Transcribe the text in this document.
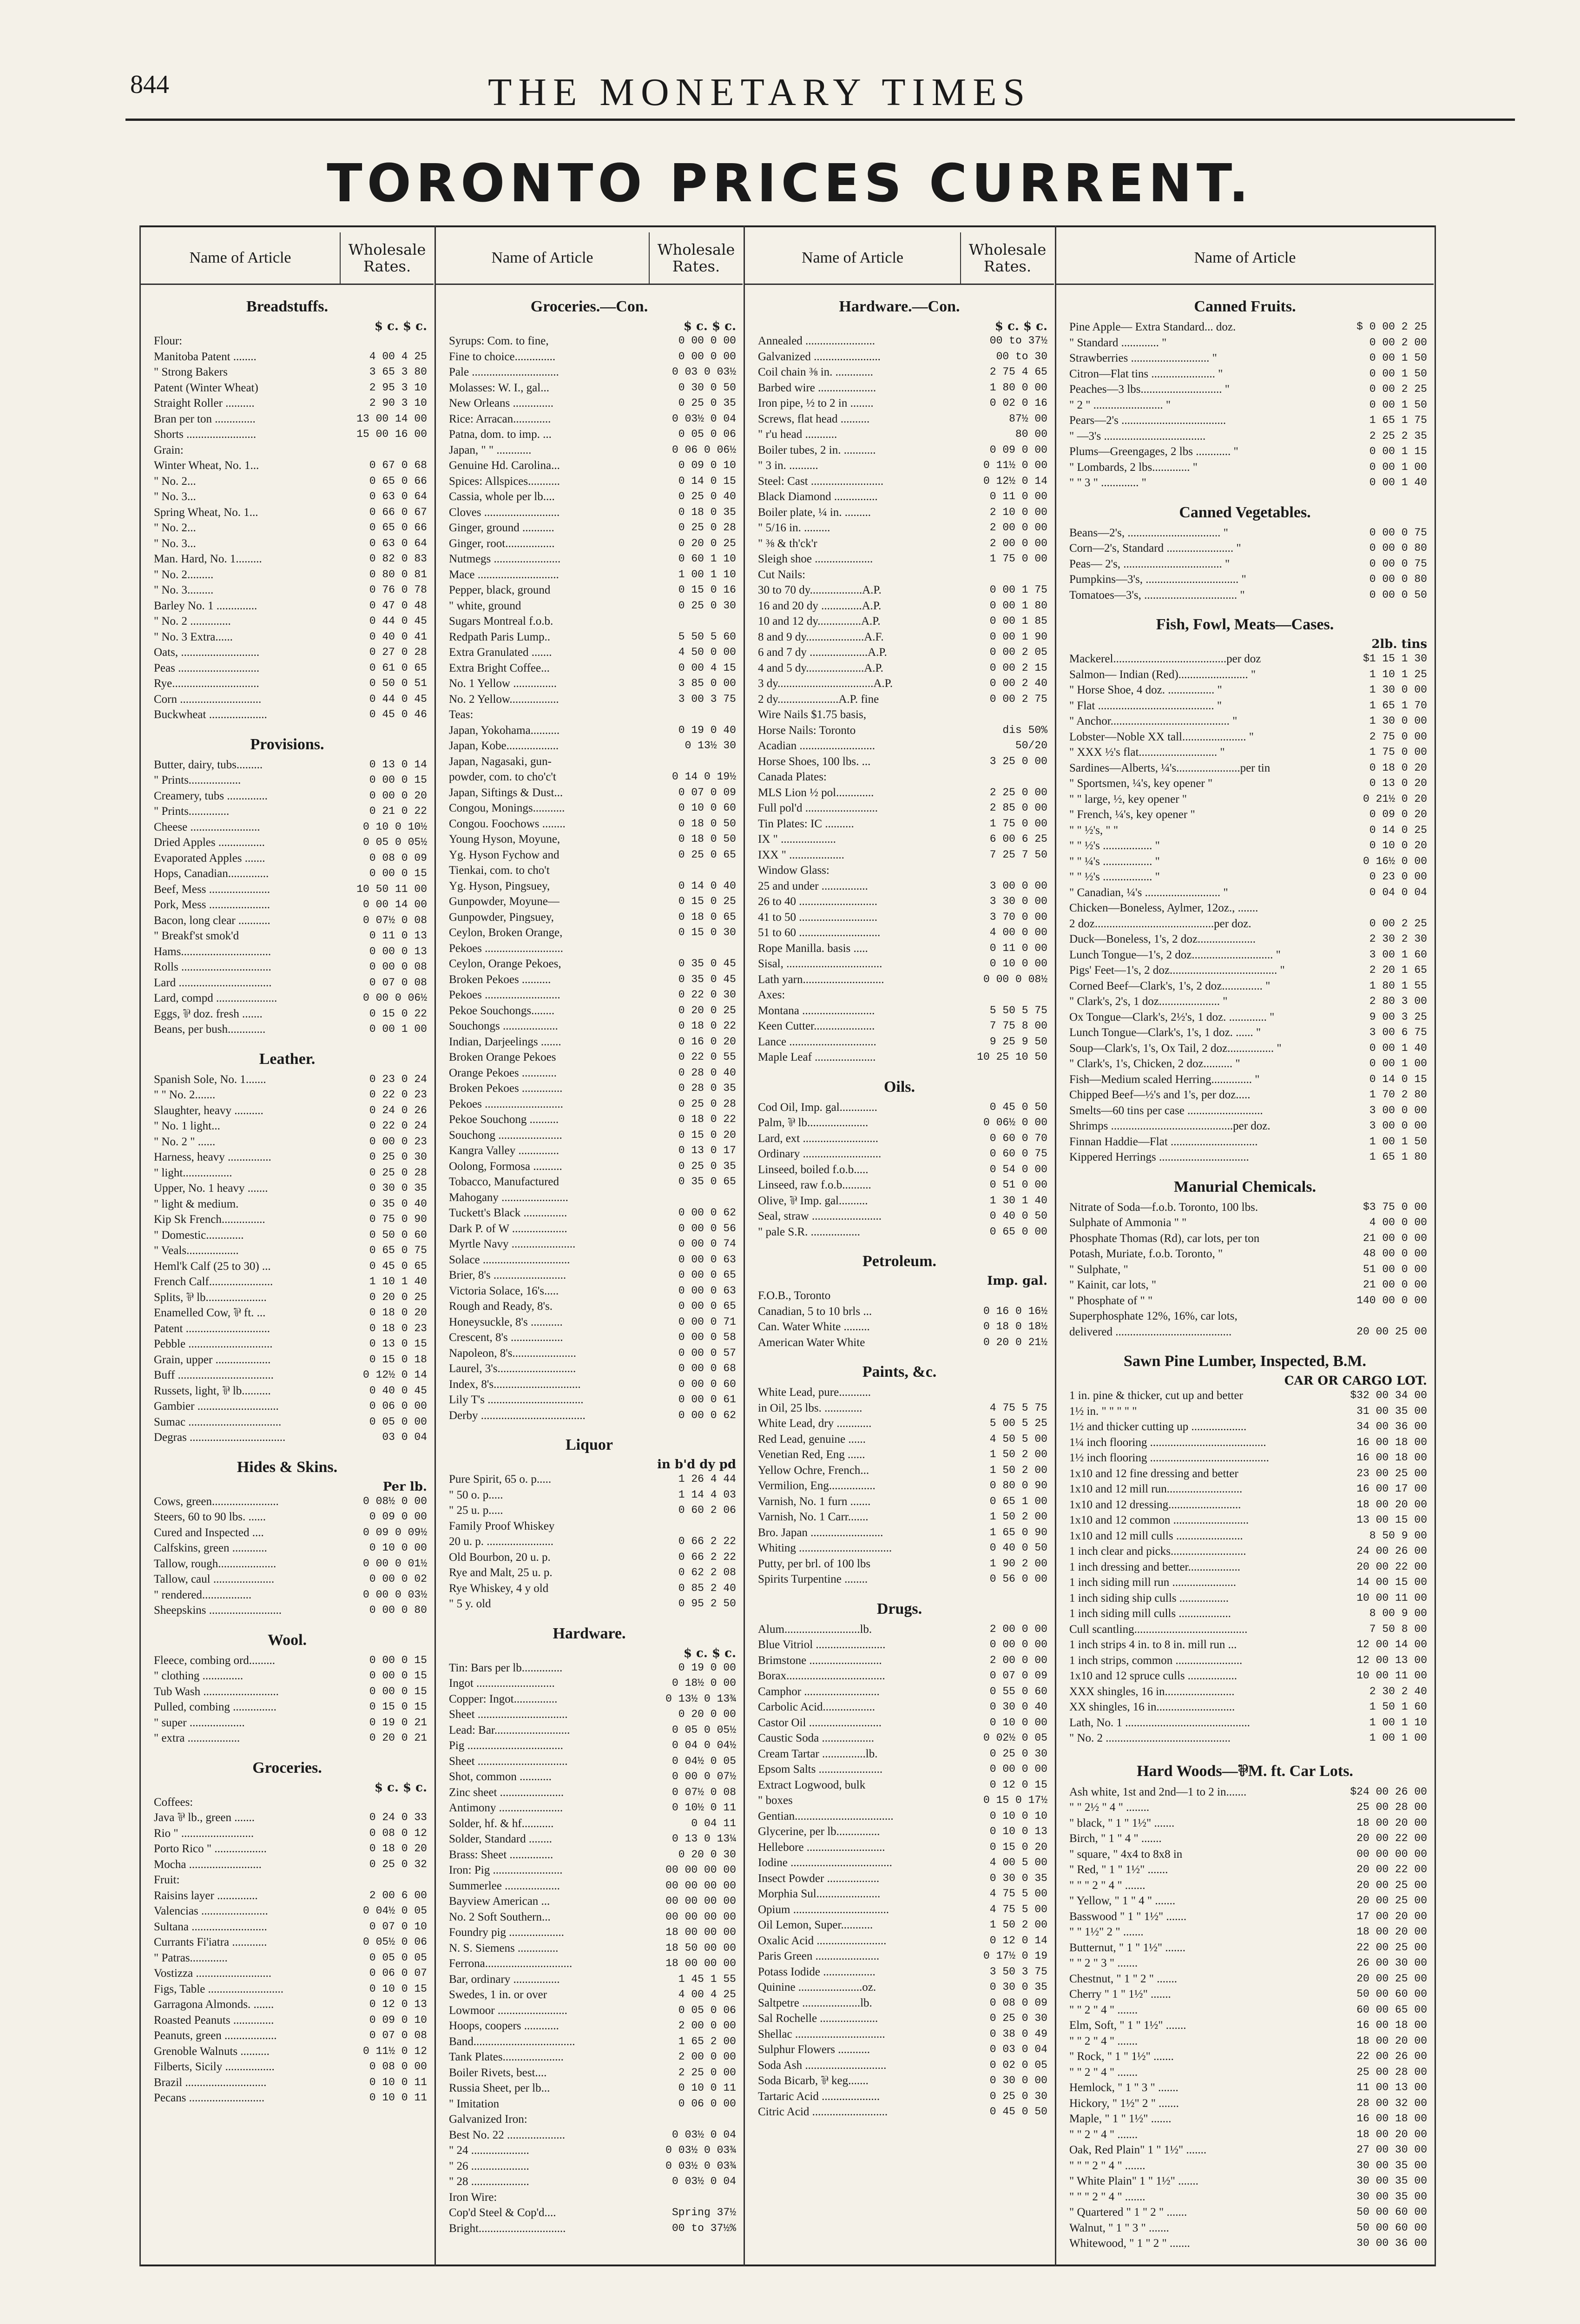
844	THE MONETARY TIMES
TORONTO PRICES CURRENT.
Name of Article	Wholesale
Rates.
Breadstuffs.
$ c. $ c.
Flour:
Manitoba Patent ........	4 00 4 25
" Strong Bakers	3 65 3 80
Patent (Winter Wheat)	2 95 3 10
Straight Roller ..........	2 90 3 10
Bran per ton ..............	13 00 14 00
Shorts ........................	15 00 16 00
Grain:
Winter Wheat, No. 1...	0 67 0 68
" No. 2...	0 65 0 66
" No. 3...	0 63 0 64
Spring Wheat, No. 1...	0 66 0 67
" No. 2...	0 65 0 66
" No. 3...	0 63 0 64
Man. Hard, No. 1.........	0 82 0 83
" No. 2.........	0 80 0 81
" No. 3.........	0 76 0 78
Barley No. 1 ..............	0 47 0 48
" No. 2 ..............	0 44 0 45
" No. 3 Extra......	0 40 0 41
Oats, ...........................	0 27 0 28
Peas ............................	0 61 0 65
Rye..............................	0 50 0 51
Corn ............................	0 44 0 45
Buckwheat ....................	0 45 0 46
Provisions.
Butter, dairy, tubs.........	0 13 0 14
" Prints..................	0 00 0 15
Creamery, tubs ..............	0 00 0 20
" Prints..............	0 21 0 22
Cheese ........................	0 10 0 10½
Dried Apples ................	0 05 0 05½
Evaporated Apples .......	0 08 0 09
Hops, Canadian..............	0 00 0 15
Beef, Mess .....................	10 50 11 00
Pork, Mess .....................	0 00 14 00
Bacon, long clear ...........	0 07½ 0 08
" Breakf'st smok'd	0 11 0 13
Hams...............................	0 00 0 13
Rolls ...............................	0 00 0 08
Lard ................................	0 07 0 08
Lard, compd .....................	0 00 0 06½
Eggs, ⅌ doz. fresh .......	0 15 0 22
Beans, per bush.............	0 00 1 00
Leather.
Spanish Sole, No. 1.......	0 23 0 24
" " No. 2.......	0 22 0 23
Slaughter, heavy ..........	0 24 0 26
" No. 1 light...	0 22 0 24
" No. 2 " ......	0 00 0 23
Harness, heavy ...............	0 25 0 30
" light.................	0 25 0 28
Upper, No. 1 heavy .......	0 30 0 35
" light & medium.	0 35 0 40
Kip Sk French...............	0 75 0 90
" Domestic.............	0 50 0 60
" Veals..................	0 65 0 75
Heml'k Calf (25 to 30) ...	0 45 0 65
French Calf......................	1 10 1 40
Splits, ⅌ lb.....................	0 20 0 25
Enamelled Cow, ⅌ ft. ...	0 18 0 20
Patent .............................	0 18 0 23
Pebble .............................	0 13 0 15
Grain, upper ...................	0 15 0 18
Buff .................................	0 12½ 0 14
Russets, light, ⅌ lb..........	0 40 0 45
Gambier ............................	0 06 0 00
Sumac ................................	0 05 0 00
Degras .................................	03 0 04
Hides & Skins.
Per lb.
Cows, green.......................	0 08½ 0 00
Steers, 60 to 90 lbs. ......	0 09 0 00
Cured and Inspected ....	0 09 0 09½
Calfskins, green ............	0 10 0 00
Tallow, rough....................	0 00 0 01½
Tallow, caul .....................	0 00 0 02
" rendered.................	0 00 0 03½
Sheepskins .........................	0 00 0 80
Wool.
Fleece, combing ord.........	0 00 0 15
" clothing ..............	0 00 0 15
Tub Wash ..........................	0 00 0 15
Pulled, combing ...............	0 15 0 15
" super ...................	0 19 0 21
" extra ..................	0 20 0 21
Groceries.
$ c. $ c.
Coffees:
Java ⅌ lb., green .......	0 24 0 33
Rio " .........................	0 08 0 12
Porto Rico " ..................	0 18 0 20
Mocha .........................	0 25 0 32
Fruit:
Raisins layer ..............	2 00 6 00
Valencias .......................	0 04½ 0 05
Sultana ..........................	0 07 0 10
Currants Fi'iatra ............	0 05½ 0 06
" Patras.............	0 05 0 05
Vostizza ..........................	0 06 0 07
Figs, Table ..........................	0 10 0 15
Garragona Almonds. .......	0 12 0 13
Roasted Peanuts ..............	0 09 0 10
Peanuts, green ..................	0 07 0 08
Grenoble Walnuts ..........	0 11½ 0 12
Filberts, Sicily .................	0 08 0 00
Brazil ............................	0 10 0 11
Pecans ..........................	0 10 0 11
Name of Article	Wholesale
Rates.
Groceries.—Con.
$ c. $ c.
Syrups: Com. to fine,	0 00 0 00
Fine to choice..............	0 00 0 00
Pale ..............................	0 03 0 03½
Molasses: W. I., gal...	0 30 0 50
New Orleans ..............	0 25 0 35
Rice: Arracan.............	0 03½ 0 04
Patna, dom. to imp. ...	0 05 0 06
Japan, " " ............	0 06 0 06½
Genuine Hd. Carolina...	0 09 0 10
Spices: Allspices...........	0 14 0 15
Cassia, whole per lb....	0 25 0 40
Cloves ..........................	0 18 0 35
Ginger, ground ...........	0 25 0 28
Ginger, root.................	0 20 0 25
Nutmegs .......................	0 60 1 10
Mace ............................	1 00 1 10
Pepper, black, ground	0 15 0 16
" white, ground	0 25 0 30
Sugars Montreal f.o.b.
Redpath Paris Lump..	5 50 5 60
Extra Granulated .......	4 50 0 00
Extra Bright Coffee...	0 00 4 15
No. 1 Yellow ...............	3 85 0 00
No. 2 Yellow.................	3 00 3 75
Teas:
Japan, Yokohama..........	0 19 0 40
Japan, Kobe..................	0 13½ 30
Japan, Nagasaki, gun-
powder, com. to cho'c't	0 14 0 19½
Japan, Siftings & Dust...	0 07 0 09
Congou, Monings...........	0 10 0 60
Congou. Foochows ........	0 18 0 50
Young Hyson, Moyune,	0 18 0 50
Yg. Hyson Fychow and	0 25 0 65
Tienkai, com. to cho't
Yg. Hyson, Pingsuey,	0 14 0 40
Gunpowder, Moyune—	0 15 0 25
Gunpowder, Pingsuey,	0 18 0 65
Ceylon, Broken Orange,	0 15 0 30
Pekoes ...........................
Ceylon, Orange Pekoes,	0 35 0 45
Broken Pekoes ..........	0 35 0 45
Pekoes ..........................	0 22 0 30
Pekoe Souchongs........	0 20 0 25
Souchongs ...................	0 18 0 22
Indian, Darjeelings .......	0 16 0 20
Broken Orange Pekoes	0 22 0 55
Orange Pekoes ............	0 28 0 40
Broken Pekoes ..............	0 28 0 35
Pekoes ...........................	0 25 0 28
Pekoe Souchong ..........	0 18 0 22
Souchong ......................	0 15 0 20
Kangra Valley ..............	0 13 0 17
Oolong, Formosa ..........	0 25 0 35
Tobacco, Manufactured	0 35 0 65
Mahogany .......................
Tuckett's Black ...............	0 00 0 62
Dark P. of W ...................	0 00 0 56
Myrtle Navy ......................	0 00 0 74
Solace ..............................	0 00 0 63
Brier, 8's .........................	0 00 0 65
Victoria Solace, 16's.....	0 00 0 63
Rough and Ready, 8's.	0 00 0 65
Honeysuckle, 8's ...........	0 00 0 71
Crescent, 8's ..................	0 00 0 58
Napoleon, 8's......................	0 00 0 57
Laurel, 3's...........................	0 00 0 68
Index, 8's..............................	0 00 0 60
Lily T's .................................	0 00 0 61
Derby ....................................	0 00 0 62
Liquor
in b'd dy pd
Pure Spirit, 65 o. p.....	1 26 4 44
" 50 o. p.....	1 14 4 03
" 25 u. p.....	0 60 2 06
Family Proof Whiskey
20 u. p. .......................	0 66 2 22
Old Bourbon, 20 u. p.	0 66 2 22
Rye and Malt, 25 u. p.	0 62 2 08
Rye Whiskey, 4 y old	0 85 2 40
" 5 y. old	0 95 2 50
Hardware.
$ c. $ c.
Tin: Bars per lb..............	0 19 0 00
Ingot ...........................	0 18½ 0 00
Copper: Ingot...............	0 13½ 0 13¾
Sheet ...............................	0 20 0 00
Lead: Bar..........................	0 05 0 05½
Pig .................................	0 04 0 04½
Sheet ...............................	0 04½ 0 05
Shot, common ...........	0 00 0 07½
Zinc sheet ......................	0 07½ 0 08
Antimony ......................	0 10½ 0 11
Solder, hf. & hf...........	0 04 11
Solder, Standard ........	0 13 0 13¼
Brass: Sheet ...............	0 20 0 30
Iron: Pig ........................	00 00 00 00
Summerlee ...................	00 00 00 00
Bayview American ...	00 00 00 00
No. 2 Soft Southern...	00 00 00 00
Foundry pig ...................	18 00 00 00
N. S. Siemens ..............	18 50 00 00
Ferrona..............................	18 00 00 00
Bar, ordinary ................	1 45 1 55
Swedes, 1 in. or over	4 00 4 25
Lowmoor ........................	0 05 0 06
Hoops, coopers ............	2 00 0 00
Band...................................	1 65 2 00
Tank Plates.....................	2 00 0 00
Boiler Rivets, best....	2 25 0 00
Russia Sheet, per lb...	0 10 0 11
" Imitation	0 06 0 00
Galvanized Iron:
Best No. 22 ....................	0 03½ 0 04
" 24 ....................	0 03½ 0 03¾
" 26 ....................	0 03½ 0 03¾
" 28 ....................	0 03½ 0 04
Iron Wire:
Cop'd Steel & Cop'd....	Spring 37½
Bright..............................	00 to 37½%
Name of Article	Wholesale
Rates.
Hardware.—Con.
$ c. $ c.
Annealed ........................	00 to 37½
Galvanized .......................	00 to 30
Coil chain ⅜ in. .............	2 75 4 65
Barbed wire ....................	1 80 0 00
Iron pipe, ½ to 2 in ........	0 02 0 16
Screws, flat head ..........	87½ 00
" r'u head ...........	80 00
Boiler tubes, 2 in. ...........	0 09 0 00
" 3 in. ..........	0 11½ 0 00
Steel: Cast .........................	0 12½ 0 14
Black Diamond ...............	0 11 0 00
Boiler plate, ¼ in. .........	2 10 0 00
" 5/16 in. .........	2 00 0 00
" ⅜ & th'ck'r	2 00 0 00
Sleigh shoe ....................	1 75 0 00
Cut Nails:
30 to 70 dy..................A.P.	0 00 1 75
16 and 20 dy ..............A.P.	0 00 1 80
10 and 12 dy...............A.P.	0 00 1 85
8 and 9 dy....................A.F.	0 00 1 90
6 and 7 dy ....................A.P.	0 00 2 05
4 and 5 dy....................A.P.	0 00 2 15
3 dy.................................A.P.	0 00 2 40
2 dy.....................A.P. fine	0 00 2 75
Wire Nails $1.75 basis,
Horse Nails: Toronto	dis 50%
Acadian ..........................	50/20
Horse Shoes, 100 lbs. ...	3 25 0 00
Canada Plates:
MLS Lion ½ pol.............	2 25 0 00
Full pol'd .........................	2 85 0 00
Tin Plates: IC ..........	1 75 0 00
IX " ...................	6 00 6 25
IXX " ...................	7 25 7 50
Window Glass:
25 and under ................	3 00 0 00
26 to 40 ...........................	3 30 0 00
41 to 50 ...........................	3 70 0 00
51 to 60 ............................	4 00 0 00
Rope Manilla. basis .....	0 11 0 00
Sisal, .................................	0 10 0 00
Lath yarn............................	0 00 0 08½
Axes:
Montana .........................	5 50 5 75
Keen Cutter.....................	7 75 8 00
Lance ..............................	9 25 9 50
Maple Leaf .....................	10 25 10 50
Oils.
Cod Oil, Imp. gal.............	0 45 0 50
Palm, ⅌ lb.....................	0 06½ 0 00
Lard, ext ..........................	0 60 0 70
Ordinary ...........................	0 60 0 75
Linseed, boiled f.o.b.....	0 54 0 00
Linseed, raw f.o.b..........	0 51 0 00
Olive, ⅌ Imp. gal..........	1 30 1 40
Seal, straw ........................	0 40 0 50
" pale S.R. .................	0 65 0 00
Petroleum.
Imp. gal.
F.O.B., Toronto
Canadian, 5 to 10 brls ...	0 16 0 16½
Can. Water White .........	0 18 0 18½
American Water White	0 20 0 21½
Paints, &c.
White Lead, pure...........
in Oil, 25 lbs. .............	4 75 5 75
White Lead, dry ............	5 00 5 25
Red Lead, genuine ......	4 50 5 00
Venetian Red, Eng ......	1 50 2 00
Yellow Ochre, French...	1 50 2 00
Vermilion, Eng................	0 80 0 90
Varnish, No. 1 furn .......	0 65 1 00
Varnish, No. 1 Carr.......	1 50 2 00
Bro. Japan .........................	1 65 0 90
Whiting ................................	0 40 0 50
Putty, per brl. of 100 lbs	1 90 2 00
Spirits Turpentine ........	0 56 0 00
Drugs.
Alum..........................lb.	2 00 0 00
Blue Vitriol ........................	0 00 0 00
Brimstone .........................	2 00 0 00
Borax..................................	0 07 0 09
Camphor ..........................	0 55 0 60
Carbolic Acid..................	0 30 0 40
Castor Oil .........................	0 10 0 00
Caustic Soda ..................	0 02½ 0 05
Cream Tartar ...............lb.	0 25 0 30
Epsom Salts ......................	0 00 0 00
Extract Logwood, bulk	0 12 0 15
" boxes	0 15 0 17½
Gentian..................................	0 10 0 10
Glycerine, per lb...............	0 10 0 13
Hellebore ...........................	0 15 0 20
Iodine ...................................	4 00 5 00
Insect Powder ..................	0 30 0 35
Morphia Sul......................	4 75 5 00
Opium .................................	4 75 5 00
Oil Lemon, Super...........	1 50 2 00
Oxalic Acid ........................	0 12 0 14
Paris Green ......................	0 17½ 0 19
Potass Iodide ..................	3 50 3 75
Quinine ......................oz.	0 30 0 35
Saltpetre ....................lb.	0 08 0 09
Sal Rochelle ....................	0 25 0 30
Shellac ...............................	0 38 0 49
Sulphur Flowers ...........	0 03 0 04
Soda Ash ............................	0 02 0 05
Soda Bicarb, ⅌ keg.......	0 30 0 00
Tartaric Acid ....................	0 25 0 30
Citric Acid ..........................	0 45 0 50
Name of Article
Canned Fruits.
Pine Apple— Extra Standard... doz.	$ 0 00 2 25
" Standard ............. "	0 00 2 00
Strawberries ........................... "	0 00 1 50
Citron—Flat tins ...................... "	0 00 1 50
Peaches—3 lbs............................ "	0 00 2 25
" 2 " ........................ "	0 00 1 50
Pears—2's ....................................	1 65 1 75
" —3's ...................................	2 25 2 35
Plums—Greengages, 2 lbs ............ "	0 00 1 15
" Lombards, 2 lbs............. "	0 00 1 00
" " 3 " ............. "	0 00 1 40
Canned Vegetables.
Beans—2's, ................................ "	0 00 0 75
Corn—2's, Standard ....................... "	0 00 0 80
Peas— 2's, .................................. "	0 00 0 75
Pumpkins—3's, ................................ "	0 00 0 80
Tomatoes—3's, ................................ "	0 00 0 50
Fish, Fowl, Meats—Cases.
2lb. tins
Mackerel.......................................per doz	$1 15 1 30
Salmon— Indian (Red)........................ "	1 10 1 25
" Horse Shoe, 4 doz. ................ "	1 30 0 00
" Flat ........................................ "	1 65 1 70
" Anchor......................................... "	1 30 0 00
Lobster—Noble XX tall...................... "	2 75 0 00
" XXX ½'s flat........................... "	1 75 0 00
Sardines—Alberts, ¼'s......................per tin	0 18 0 20
" Sportsmen, ¼'s, key opener "	0 13 0 20
" " large, ½, key opener "	0 21½ 0 20
" French, ¼'s, key opener "	0 09 0 20
" " ½'s, " "	0 14 0 25
" " ½'s ................. "	0 10 0 20
" " ¼'s ................. "	0 16½ 0 00
" " ½'s ................. "	0 23 0 00
" Canadian, ¼'s .......................... "	0 04 0 04
Chicken—Boneless, Aylmer, 12oz., .......
2 doz.........................................per doz.	0 00 2 25
Duck—Boneless, 1's, 2 doz....................	2 30 2 30
Lunch Tongue—1's, 2 doz............................ "	3 00 1 60
Pigs' Feet—1's, 2 doz..................................... "	2 20 1 65
Corned Beef—Clark's, 1's, 2 doz.............. "	1 80 1 55
" Clark's, 2's, 1 doz..................... "	2 80 3 00
Ox Tongue—Clark's, 2½'s, 1 doz. ............. "	9 00 3 25
Lunch Tongue—Clark's, 1's, 1 doz. ...... "	3 00 6 75
Soup—Clark's, 1's, Ox Tail, 2 doz................ "	0 00 1 40
" Clark's, 1's, Chicken, 2 doz.......... "	0 00 1 00
Fish—Medium scaled Herring.............. "	0 14 0 15
Chipped Beef—½'s and 1's, per doz.....	1 70 2 80
Smelts—60 tins per case ..........................	3 00 0 00
Shrimps ..........................................per doz.	3 00 0 00
Finnan Haddie—Flat ..............................	1 00 1 50
Kippered Herrings ...............................	1 65 1 80
Manurial Chemicals.
Nitrate of Soda—f.o.b. Toronto, 100 lbs.	$3 75 0 00
Sulphate of Ammonia " "	4 00 0 00
Phosphate Thomas (Rd), car lots, per ton	21 00 0 00
Potash, Muriate, f.o.b. Toronto, "	48 00 0 00
" Sulphate, "	51 00 0 00
" Kainit, car lots, "	21 00 0 00
" Phosphate of " "	140 00 0 00
Superphosphate 12%, 16%, car lots,
delivered ........................................	20 00 25 00
Sawn Pine Lumber, Inspected, B.M.
CAR OR CARGO LOT.
1 in. pine & thicker, cut up and better	$32 00 34 00
1½ in. " " " " "	31 00 35 00
1½ and thicker cutting up ...................	34 00 36 00
1¼ inch flooring ........................................	16 00 18 00
1½ inch flooring .........................................	16 00 18 00
1x10 and 12 fine dressing and better	23 00 25 00
1x10 and 12 mill run..........................	16 00 17 00
1x10 and 12 dressing.........................	18 00 20 00
1x10 and 12 common ..........................	13 00 15 00
1x10 and 12 mill culls .......................	8 50 9 00
1 inch clear and picks..........................	24 00 26 00
1 inch dressing and better..................	20 00 22 00
1 inch siding mill run ......................	14 00 15 00
1 inch siding ship culls .................	10 00 11 00
1 inch siding mill culls ..................	8 00 9 00
Cull scantling.......................................	7 50 8 00
1 inch strips 4 in. to 8 in. mill run ...	12 00 14 00
1 inch strips, common .......................	12 00 13 00
1x10 and 12 spruce culls .................	10 00 11 00
XXX shingles, 16 in........................	2 30 2 40
XX shingles, 16 in...........................	1 50 1 60
Lath, No. 1 ...........................................	1 00 1 10
" No. 2 ...........................................	1 00 1 00
Hard Woods—⅌M. ft. Car Lots.
Ash white, 1st and 2nd—1 to 2 in.......	$24 00 26 00
" " 2½ " 4 " ........	25 00 28 00
" black, " 1 " 1½" .......	18 00 20 00
Birch, " 1 " 4 " .......	20 00 22 00
" square, " 4x4 to 8x8 in	00 00 00 00
" Red, " 1 " 1½" .......	20 00 22 00
" " " 2 " 4 " .......	20 00 25 00
" Yellow, " 1 " 4 " .......	20 00 25 00
Basswood " 1 " 1½" .......	17 00 20 00
" " 1½" 2 " .......	18 00 20 00
Butternut, " 1 " 1½" .......	22 00 25 00
" " 2 " 3 " .......	26 00 30 00
Chestnut, " 1 " 2 " .......	20 00 25 00
Cherry " 1 " 1½" .......	50 00 60 00
" " 2 " 4 " .......	60 00 65 00
Elm, Soft, " 1 " 1½" .......	16 00 18 00
" " 2 " 4 " .......	18 00 20 00
" Rock, " 1 " 1½" .......	22 00 26 00
" " 2 " 4 " .......	25 00 28 00
Hemlock, " 1 " 3 " .......	11 00 13 00
Hickory, " 1½" 2 " .......	28 00 32 00
Maple, " 1 " 1½" .......	16 00 18 00
" " 2 " 4 " .......	18 00 20 00
Oak, Red Plain" 1 " 1½" .......	27 00 30 00
" " " 2 " 4 " .......	30 00 35 00
" White Plain" 1 " 1½" .......	30 00 35 00
" " " 2 " 4 " .......	30 00 35 00
" Quartered " 1 " 2 " .......	50 00 60 00
Walnut, " 1 " 3 " .......	50 00 60 00
Whitewood, " 1 " 2 " .......	30 00 36 00
